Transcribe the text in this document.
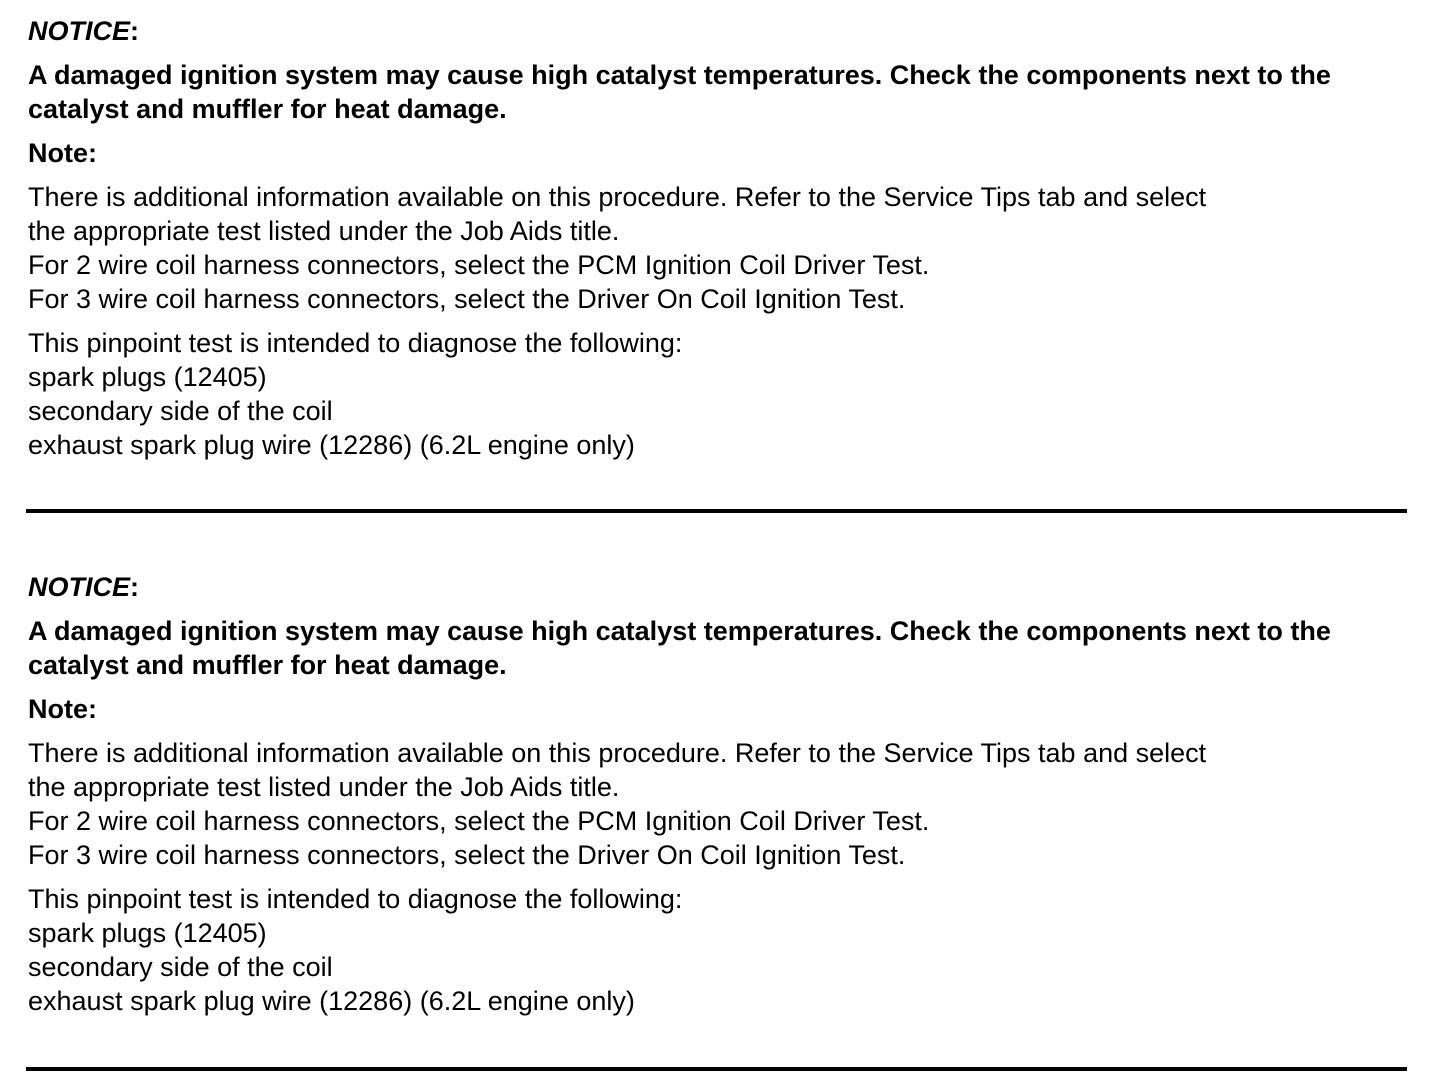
NOTICE:

A damaged ignition system may cause high catalyst temperatures. Check the components next to the catalyst and muffler for heat damage.

Note:

There is additional information available on this procedure. Refer to the Service Tips tab and select
the appropriate test listed under the Job Aids title.
For 2 wire coil harness connectors, select the PCM Ignition Coil Driver Test.
For 3 wire coil harness connectors, select the Driver On Coil Ignition Test.

This pinpoint test is intended to diagnose the following:
spark plugs (12405)
secondary side of the coil
exhaust spark plug wire (12286) (6.2L engine only)

NOTICE:

A damaged ignition system may cause high catalyst temperatures. Check the components next to the catalyst and muffler for heat damage.

Note:

There is additional information available on this procedure. Refer to the Service Tips tab and select
the appropriate test listed under the Job Aids title.
For 2 wire coil harness connectors, select the PCM Ignition Coil Driver Test.
For 3 wire coil harness connectors, select the Driver On Coil Ignition Test.

This pinpoint test is intended to diagnose the following:
spark plugs (12405)
secondary side of the coil
exhaust spark plug wire (12286) (6.2L engine only)
